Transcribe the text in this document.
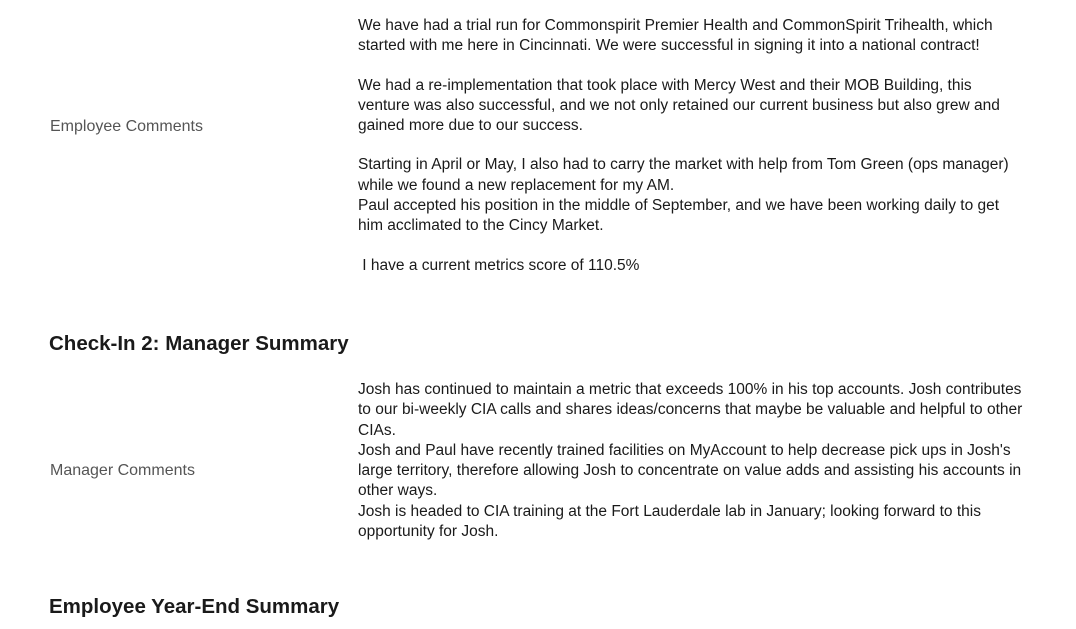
Employee Comments

We have had a trial run for Commonspirit Premier Health and CommonSpirit Trihealth, which started with me here in Cincinnati. We were successful in signing it into a national contract!

We had a re-implementation that took place with Mercy West and their MOB Building, this venture was also successful, and we not only retained our current business but also grew and gained more due to our success.

Starting in April or May, I also had to carry the market with help from Tom Green (ops manager) while we found a new replacement for my AM.

Paul accepted his position in the middle of September, and we have been working daily to get him acclimated to the Cincy Market.

I have a current metrics score of 110.5%

Check-In 2: Manager Summary
Manager Comments

Josh has continued to maintain a metric that exceeds 100% in his top accounts. Josh contributes to our bi-weekly CIA calls and shares ideas/concerns that maybe be valuable and helpful to other CIAs.

Josh and Paul have recently trained facilities on MyAccount to help decrease pick ups in Josh's large territory, therefore allowing Josh to concentrate on value adds and assisting his accounts in other ways.

Josh is headed to CIA training at the Fort Lauderdale lab in January; looking forward to this opportunity for Josh.

Employee Year-End Summary
